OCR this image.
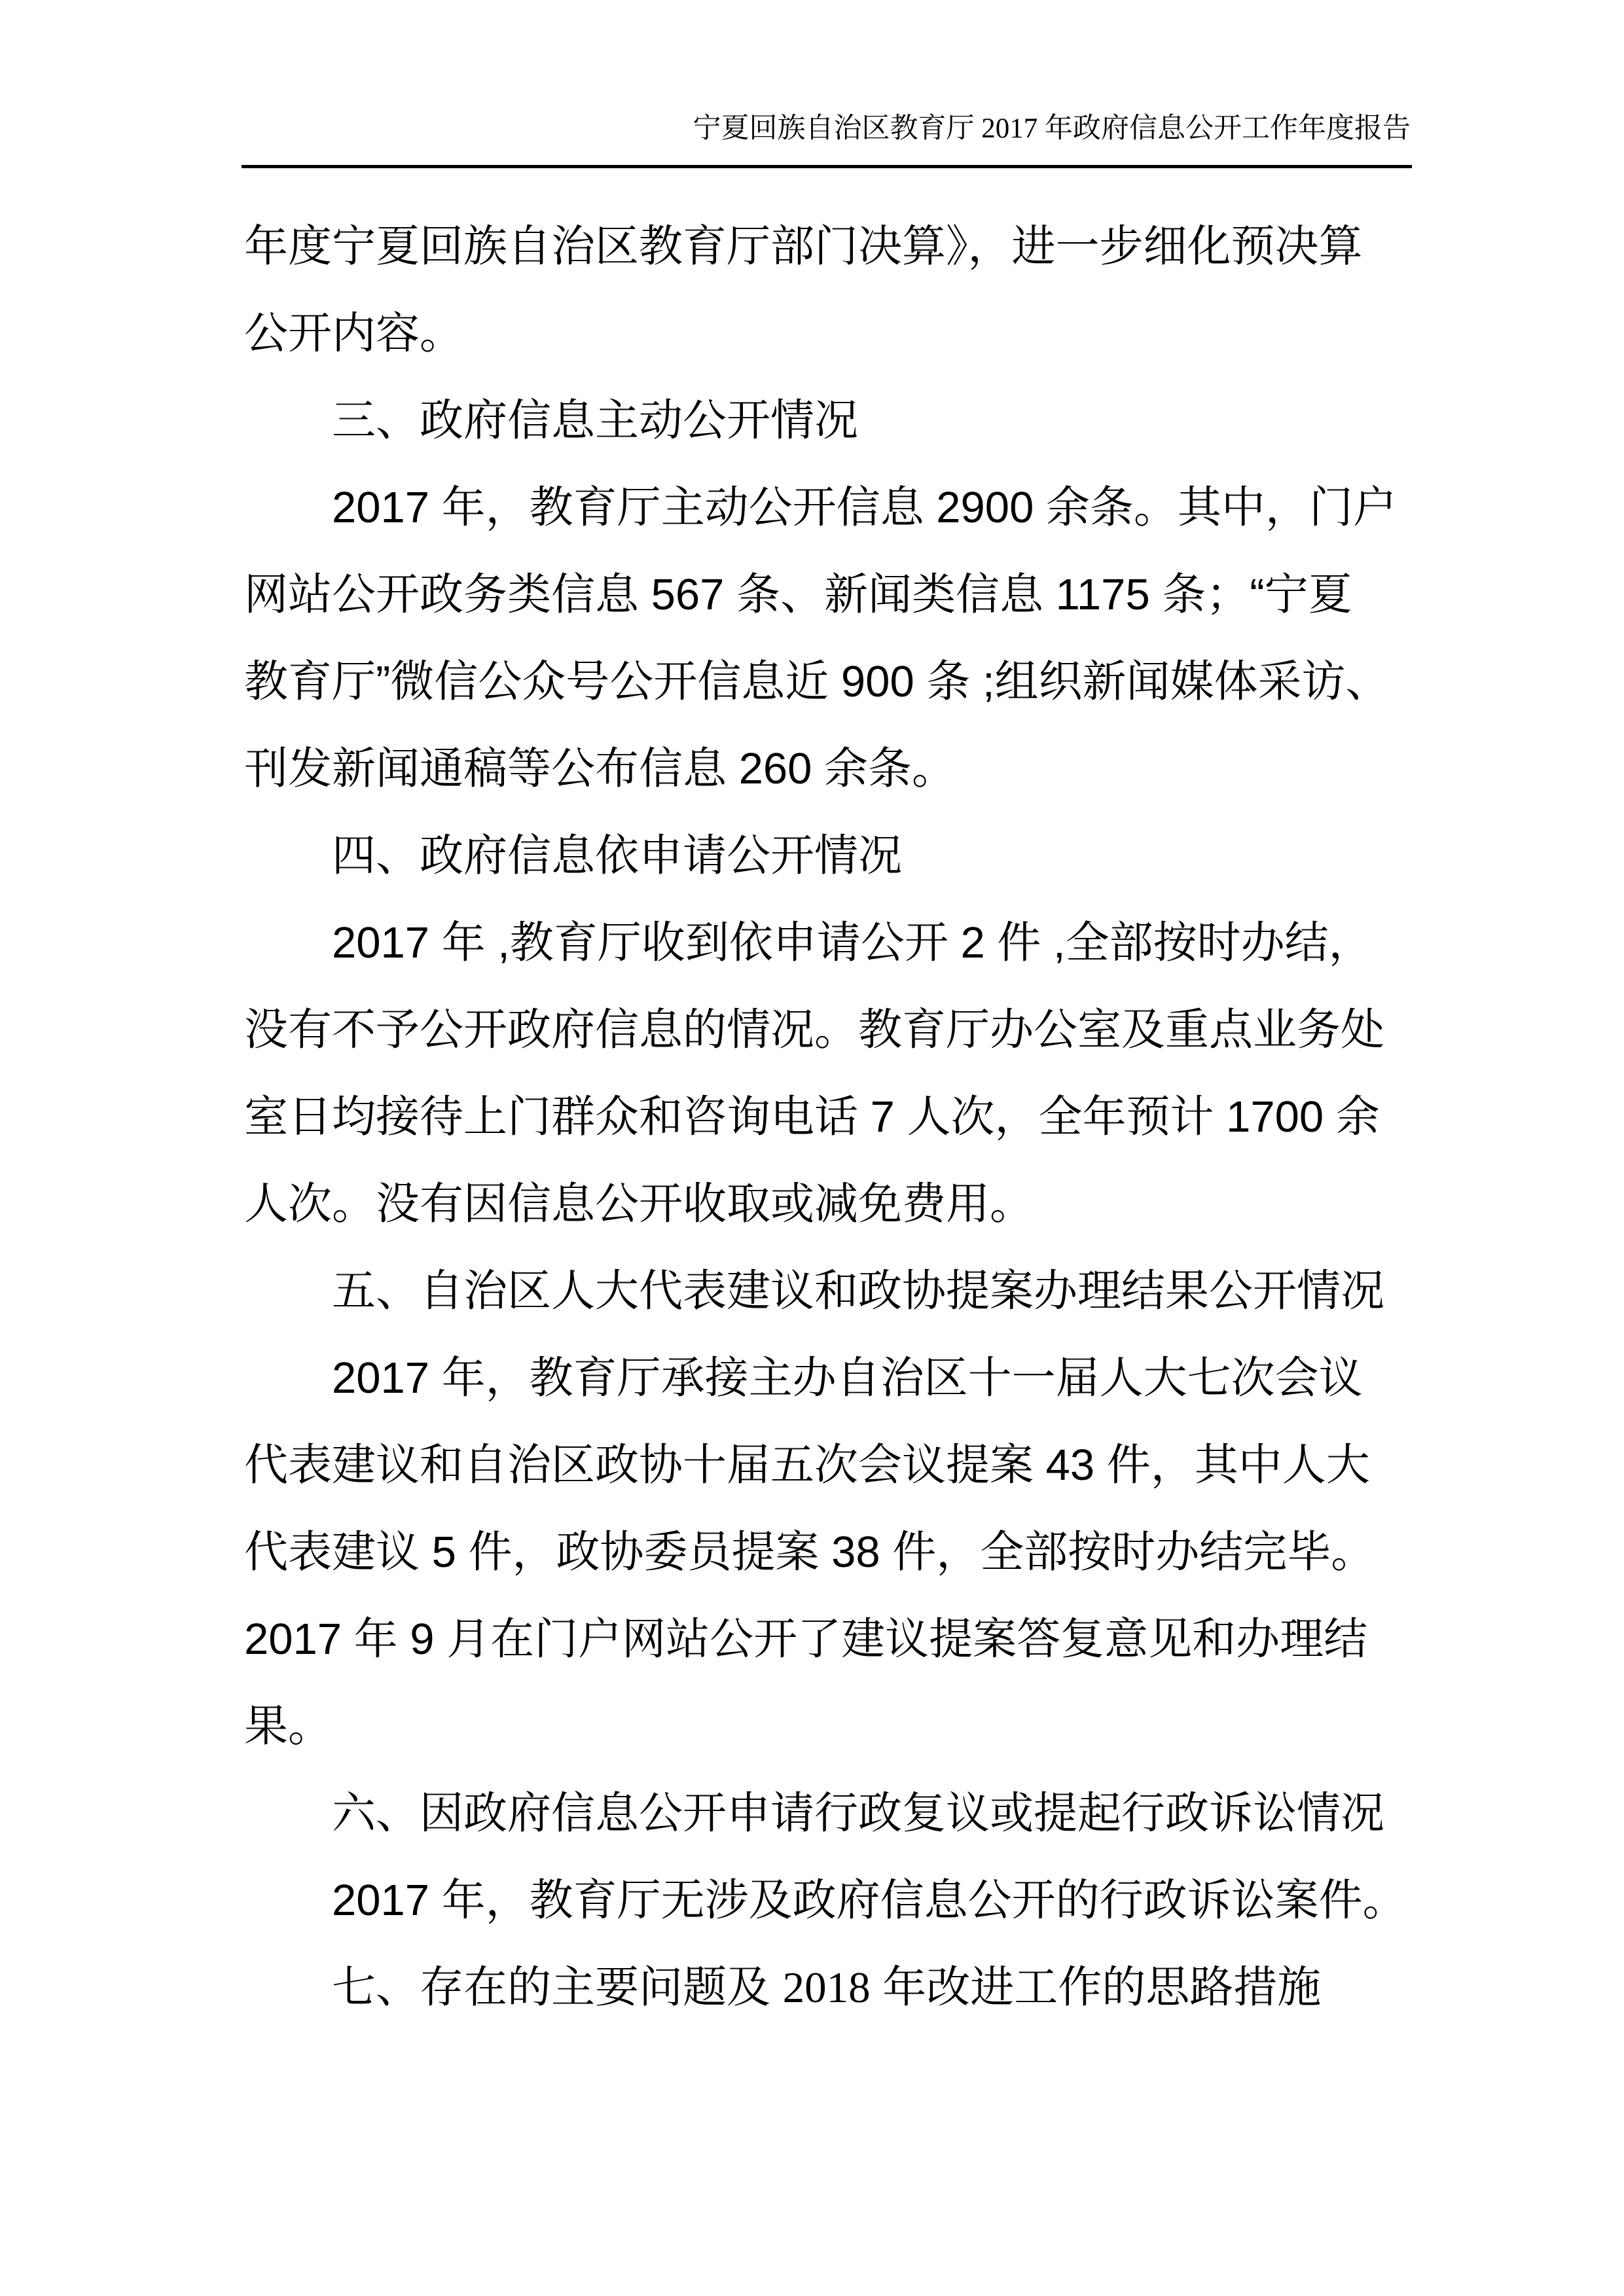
宁夏回族自治区教育厅 2017 年政府信息公开工作年度报告
年度宁夏回族自治区教育厅部门决算》，进一步细化预决算
公开内容。
三、政府信息主动公开情况
2017 年，教育厅主动公开信息 2900 余条。其中，门户
网站公开政务类信息 567 条、新闻类信息 1175 条；“宁夏
教育厅”微信公众号公开信息近 900 条 ;组织新闻媒体采访、
刊发新闻通稿等公布信息 260 余条。
四、政府信息依申请公开情况
2017 年 ,教育厅收到依申请公开 2 件 ,全部按时办结，
没有不予公开政府信息的情况。教育厅办公室及重点业务处
室日均接待上门群众和咨询电话 7 人次，全年预计 1700 余
人次。没有因信息公开收取或减免费用。
五、自治区人大代表建议和政协提案办理结果公开情况
2017 年，教育厅承接主办自治区十一届人大七次会议
代表建议和自治区政协十届五次会议提案 43 件，其中人大
代表建议 5 件，政协委员提案 38 件，全部按时办结完毕。
2017 年 9 月在门户网站公开了建议提案答复意见和办理结
果。
六、因政府信息公开申请行政复议或提起行政诉讼情况
2017 年，教育厅无涉及政府信息公开的行政诉讼案件。
七、存在的主要问题及 2018 年改进工作的思路措施
